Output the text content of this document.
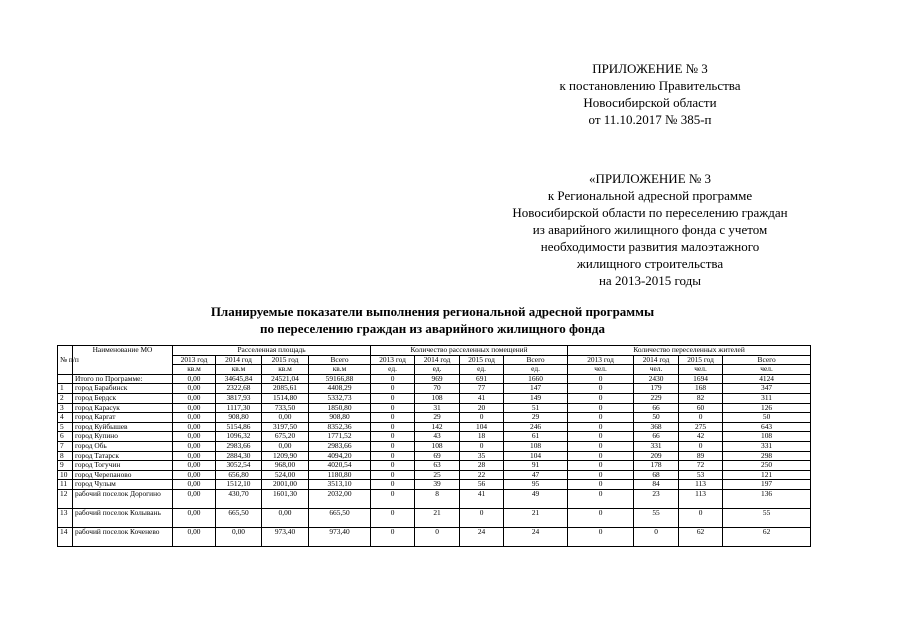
ПРИЛОЖЕНИЕ № 3
к постановлению Правительства
Новосибирской области
от 11.10.2017 № 385-п
«ПРИЛОЖЕНИЕ № 3
к Региональной адресной программе
Новосибирской области по переселению граждан
из аварийного жилищного фонда с учетом
необходимости развития малоэтажного
жилищного строительства
на 2013-2015 годы
Планируемые показатели выполнения региональной адресной программы
по переселению граждан из аварийного жилищного фонда
№ п/п	Наименование МО	Расселенная площадь				Количество расселенных помещений				Количество переселенных жителей			
		2013 год	2014 год	2015 год	Всего	2013 год	2014 год	2015 год	Всего	2013 год	2014 год	2015 год	Всего
		кв.м	кв.м	кв.м	кв.м	ед.	ед.	ед.	ед.	чел.	чел.	чел.	чел.
	Итого по Программе:	0,00	34645,84	24521,04	59166,88	0	969	691	1660	0	2430	1694	4124
1	город Барабинск	0,00	2322,68	2085,61	4408,29	0	70	77	147	0	179	168	347
2	город Бердск	0,00	3817,93	1514,80	5332,73	0	108	41	149	0	229	82	311
3	город Карасук	0,00	1117,30	733,50	1850,80	0	31	20	51	0	66	60	126
4	город Каргат	0,00	908,80	0,00	908,80	0	29	0	29	0	50	0	50
5	город Куйбышев	0,00	5154,86	3197,50	8352,36	0	142	104	246	0	368	275	643
6	город Купино	0,00	1096,32	675,20	1771,52	0	43	18	61	0	66	42	108
7	город Обь	0,00	2983,66	0,00	2983,66	0	108	0	108	0	331	0	331
8	город Татарск	0,00	2884,30	1209,90	4094,20	0	69	35	104	0	209	89	298
9	город Тогучин	0,00	3052,54	968,00	4020,54	0	63	28	91	0	178	72	250
10	город Черепаново	0,00	656,80	524,00	1180,80	0	25	22	47	0	68	53	121
11	город Чулым	0,00	1512,10	2001,00	3513,10	0	39	56	95	0	84	113	197
12	рабочий поселок Дорогино	0,00	430,70	1601,30	2032,00	0	8	41	49	0	23	113	136
13	рабочий поселок Колывань	0,00	665,50	0,00	665,50	0	21	0	21	0	55	0	55
14	рабочий поселок Коченево	0,00	0,00	973,40	973,40	0	0	24	24	0	0	62	62
